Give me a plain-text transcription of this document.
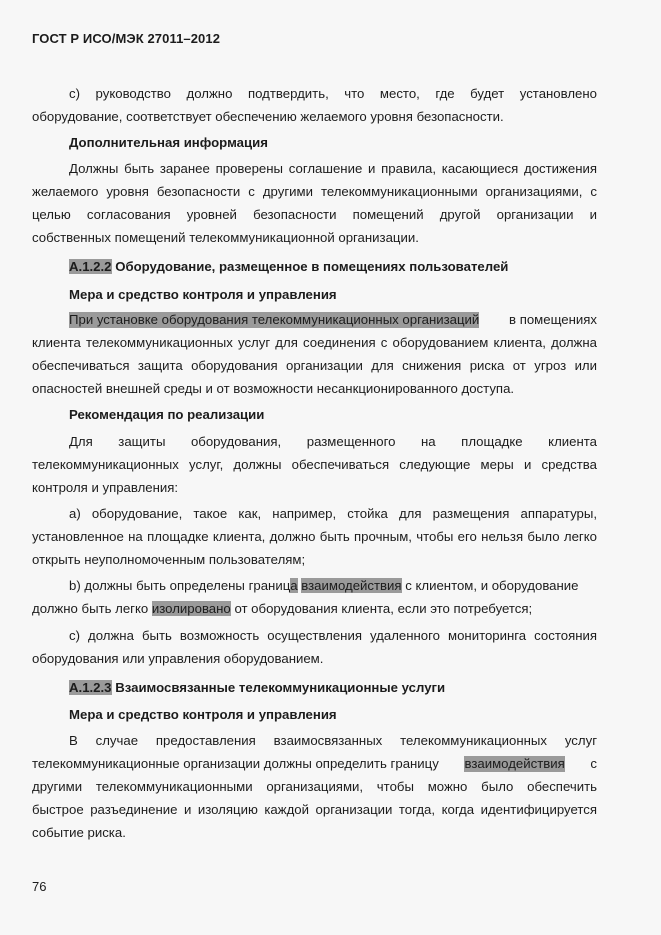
ГОСТ Р ИСО/МЭК 27011–2012
с) руководство должно подтвердить, что место, где будет установлено
оборудование, соответствует обеспечению желаемого уровня безопасности.
Дополнительная информация
Должны быть заранее проверены соглашение и правила, касающиеся достижения
желаемого уровня безопасности с другими телекоммуникационными организациями, с
целью согласования уровней безопасности помещений другой организации и
собственных помещений телекоммуникационной организации.
А.1.2.2 Оборудование, размещенное в помещениях пользователей
Мера и средство контроля и управления
При установке оборудования телекоммуникационных организаций в помещениях
клиента телекоммуникационных услуг для соединения с оборудованием клиента, должна
обеспечиваться защита оборудования организации для снижения риска от угроз или
опасностей внешней среды и от возможности несанкционированного доступа.
Рекомендация по реализации
Для защиты оборудования, размещенного на площадке клиента
телекоммуникационных услуг, должны обеспечиваться следующие меры и средства
контроля и управления:
а) оборудование, такое как, например, стойка для размещения аппаратуры,
установленное на площадке клиента, должно быть прочным, чтобы его нельзя было легко
открыть неуполномоченным пользователям;
b) должны быть определены граница взаимодействия с клиентом, и оборудование
должно быть легко изолировано от оборудования клиента, если это потребуется;
с) должна быть возможность осуществления удаленного мониторинга состояния
оборудования или управления оборудованием.
А.1.2.3 Взаимосвязанные телекоммуникационные услуги
Мера и средство контроля и управления
В случае предоставления взаимосвязанных телекоммуникационных услуг
телекоммуникационные организации должны определить границу взаимодействия с
другими телекоммуникационными организациями, чтобы можно было обеспечить
быстрое разъединение и изоляцию каждой организации тогда, когда идентифицируется
событие риска.
76
